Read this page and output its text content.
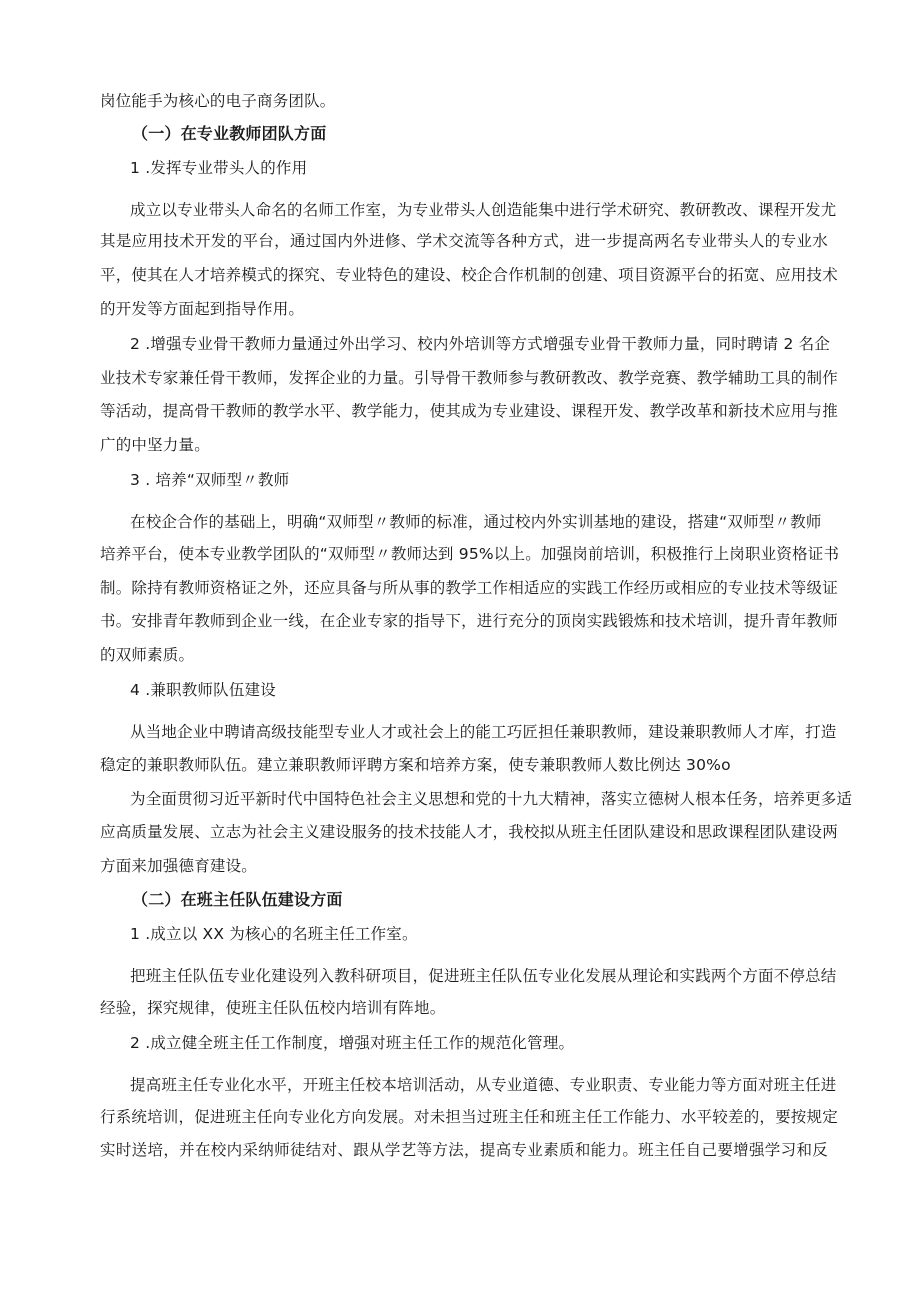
岗位能手为核心的电子商务团队。
（一）在专业教师团队方面
1 .发挥专业带头人的作用
成立以专业带头人命名的名师工作室，为专业带头人创造能集中进行学术研究、教研教改、课程开发尤
其是应用技术开发的平台，通过国内外进修、学术交流等各种方式，进一步提高两名专业带头人的专业水
平，使其在人才培养模式的探究、专业特色的建设、校企合作机制的创建、项目资源平台的拓宽、应用技术
的开发等方面起到指导作用。
2 .增强专业骨干教师力量通过外出学习、校内外培训等方式增强专业骨干教师力量，同时聘请 2 名企
业技术专家兼任骨干教师，发挥企业的力量。引导骨干教师参与教研教改、教学竞赛、教学辅助工具的制作
等活动，提高骨干教师的教学水平、教学能力，使其成为专业建设、课程开发、教学改革和新技术应用与推
广的中坚力量。
3 . 培养“双师型〃教师
在校企合作的基础上，明确“双师型〃教师的标准，通过校内外实训基地的建设，搭建“双师型〃教师
培养平台，使本专业教学团队的“双师型〃教师达到 95%以上。加强岗前培训，积极推行上岗职业资格证书
制。除持有教师资格证之外，还应具备与所从事的教学工作相适应的实践工作经历或相应的专业技术等级证
书。安排青年教师到企业一线，在企业专家的指导下，进行充分的顶岗实践锻炼和技术培训，提升青年教师
的双师素质。
4 .兼职教师队伍建设
从当地企业中聘请高级技能型专业人才或社会上的能工巧匠担任兼职教师，建设兼职教师人才库，打造
稳定的兼职教师队伍。建立兼职教师评聘方案和培养方案，使专兼职教师人数比例达 30%o
为全面贯彻习近平新时代中国特色社会主义思想和党的十九大精神，落实立德树人根本任务，培养更多适
应高质量发展、立志为社会主义建设服务的技术技能人才，我校拟从班主任团队建设和思政课程团队建设两
方面来加强德育建设。
（二）在班主任队伍建设方面
1 .成立以 XX 为核心的名班主任工作室。
把班主任队伍专业化建设列入教科研项目，促进班主任队伍专业化发展从理论和实践两个方面不停总结
经验，探究规律，使班主任队伍校内培训有阵地。
2 .成立健全班主任工作制度，增强对班主任工作的规范化管理。
提高班主任专业化水平，开班主任校本培训活动，从专业道德、专业职责、专业能力等方面对班主任进
行系统培训，促进班主任向专业化方向发展。对未担当过班主任和班主任工作能力、水平较差的，要按规定
实时送培，并在校内采纳师徒结对、跟从学艺等方法，提高专业素质和能力。班主任自己要增强学习和反
